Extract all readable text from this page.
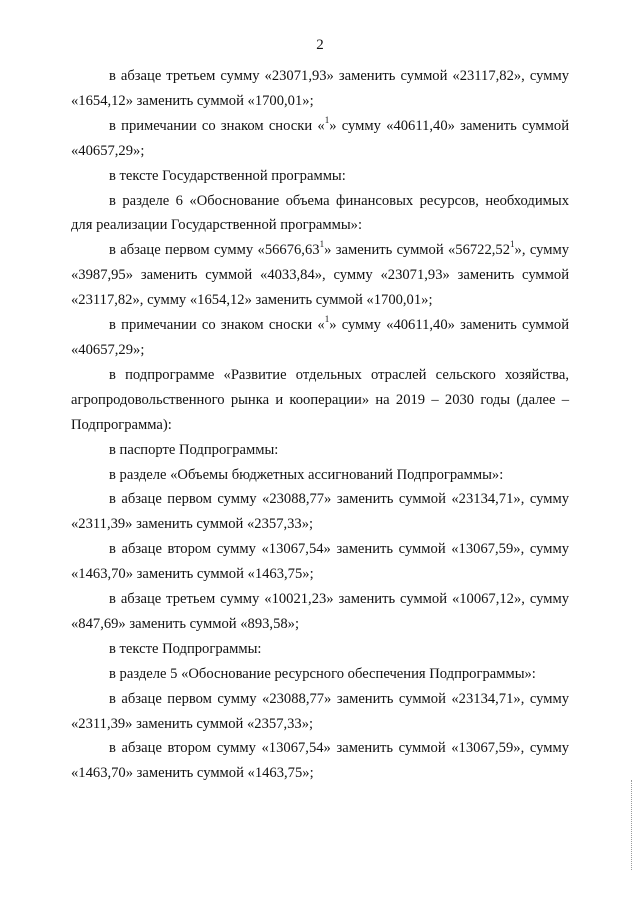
2

в абзаце третьем сумму «23071,93» заменить суммой «23117,82», сумму «1654,12» заменить суммой «1700,01»;

в примечании со знаком сноски «$^1$» сумму «40611,40» заменить суммой «40657,29»;

в тексте Государственной программы:

в разделе 6 «Обоснование объема финансовых ресурсов, необходимых для реализации Государственной программы»:

в абзаце первом сумму «56676,63$^1$» заменить суммой «56722,52$^1$», сумму «3987,95» заменить суммой «4033,84», сумму «23071,93» заменить суммой «23117,82», сумму «1654,12» заменить суммой «1700,01»;

в примечании со знаком сноски «$^1$» сумму «40611,40» заменить суммой «40657,29»;

в подпрограмме «Развитие отдельных отраслей сельского хозяйства, агропродовольственного рынка и кооперации» на 2019 – 2030 годы (далее – Подпрограмма):

в паспорте Подпрограммы:

в разделе «Объемы бюджетных ассигнований Подпрограммы»:

в абзаце первом сумму «23088,77» заменить суммой «23134,71», сумму «2311,39» заменить суммой «2357,33»;

в абзаце втором сумму «13067,54» заменить суммой «13067,59», сумму «1463,70» заменить суммой «1463,75»;

в абзаце третьем сумму «10021,23» заменить суммой «10067,12», сумму «847,69» заменить суммой «893,58»;

в тексте Подпрограммы:

в разделе 5 «Обоснование ресурсного обеспечения Подпрограммы»:

в абзаце первом сумму «23088,77» заменить суммой «23134,71», сумму «2311,39» заменить суммой «2357,33»;

в абзаце втором сумму «13067,54» заменить суммой «13067,59», сумму «1463,70» заменить суммой «1463,75»;
